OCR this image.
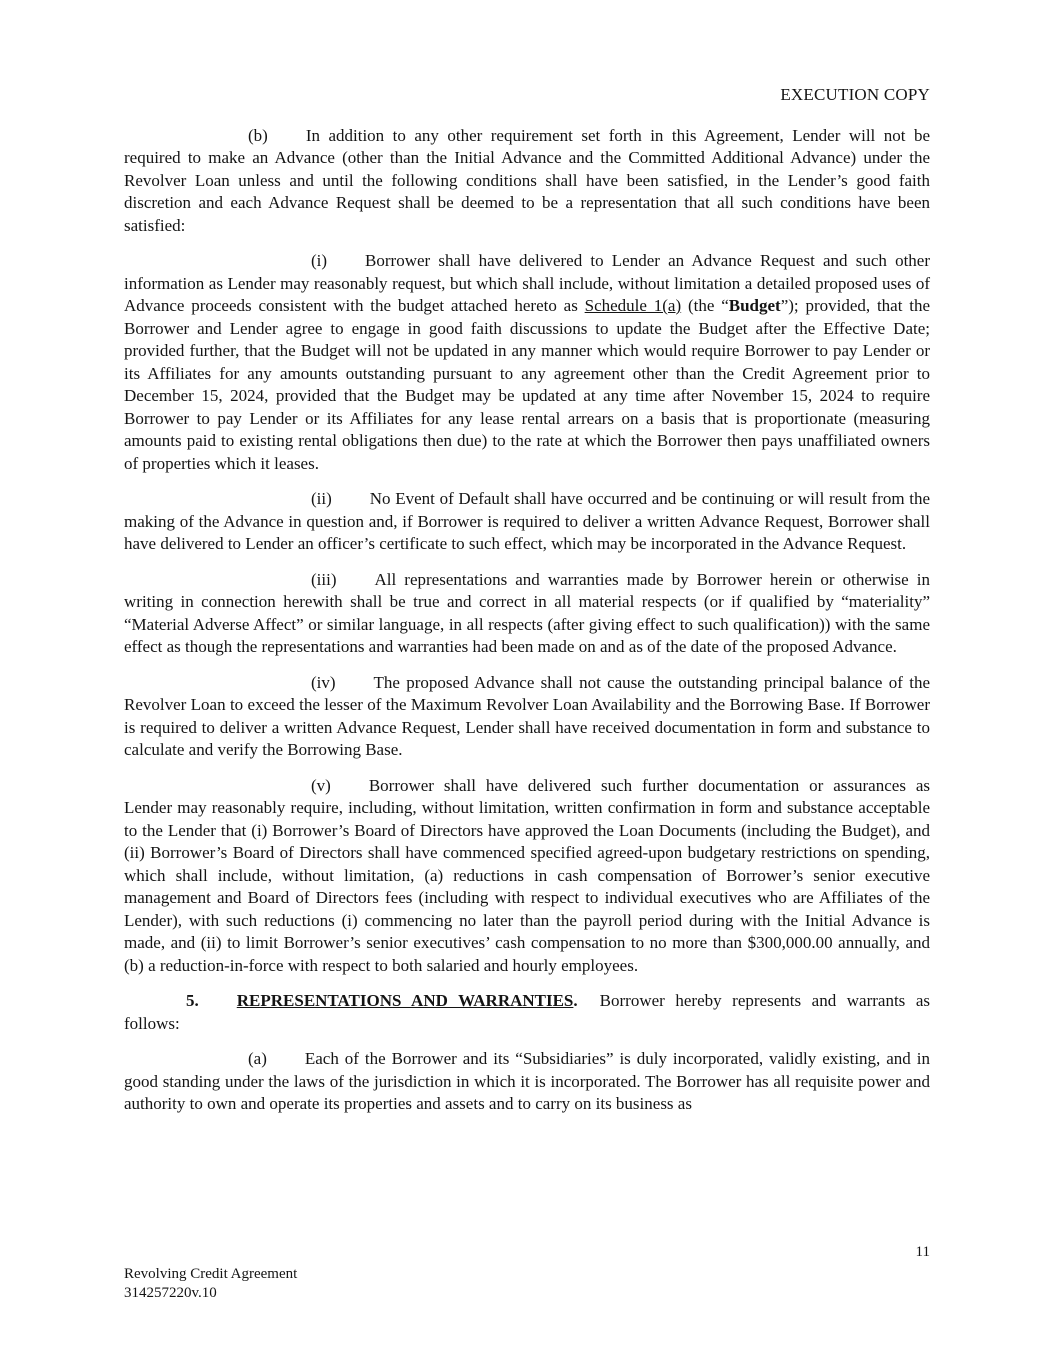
EXECUTION COPY

(b) In addition to any other requirement set forth in this Agreement, Lender will not be required to make an Advance (other than the Initial Advance and the Committed Additional Advance) under the Revolver Loan unless and until the following conditions shall have been satisfied, in the Lender’s good faith discretion and each Advance Request shall be deemed to be a representation that all such conditions have been satisfied:

(i) Borrower shall have delivered to Lender an Advance Request and such other information as Lender may reasonably request, but which shall include, without limitation a detailed proposed uses of Advance proceeds consistent with the budget attached hereto as Schedule 1(a) (the “Budget”); provided, that the Borrower and Lender agree to engage in good faith discussions to update the Budget after the Effective Date; provided further, that the Budget will not be updated in any manner which would require Borrower to pay Lender or its Affiliates for any amounts outstanding pursuant to any agreement other than the Credit Agreement prior to December 15, 2024, provided that the Budget may be updated at any time after November 15, 2024 to require Borrower to pay Lender or its Affiliates for any lease rental arrears on a basis that is proportionate (measuring amounts paid to existing rental obligations then due) to the rate at which the Borrower then pays unaffiliated owners of properties which it leases.

(ii) No Event of Default shall have occurred and be continuing or will result from the making of the Advance in question and, if Borrower is required to deliver a written Advance Request, Borrower shall have delivered to Lender an officer’s certificate to such effect, which may be incorporated in the Advance Request.

(iii) All representations and warranties made by Borrower herein or otherwise in writing in connection herewith shall be true and correct in all material respects (or if qualified by “materiality” “Material Adverse Affect” or similar language, in all respects (after giving effect to such qualification)) with the same effect as though the representations and warranties had been made on and as of the date of the proposed Advance.

(iv) The proposed Advance shall not cause the outstanding principal balance of the Revolver Loan to exceed the lesser of the Maximum Revolver Loan Availability and the Borrowing Base. If Borrower is required to deliver a written Advance Request, Lender shall have received documentation in form and substance to calculate and verify the Borrowing Base.

(v) Borrower shall have delivered such further documentation or assurances as Lender may reasonably require, including, without limitation, written confirmation in form and substance acceptable to the Lender that (i) Borrower’s Board of Directors have approved the Loan Documents (including the Budget), and (ii) Borrower’s Board of Directors shall have commenced specified agreed-upon budgetary restrictions on spending, which shall include, without limitation, (a) reductions in cash compensation of Borrower’s senior executive management and Board of Directors fees (including with respect to individual executives who are Affiliates of the Lender), with such reductions (i) commencing no later than the payroll period during with the Initial Advance is made, and (ii) to limit Borrower’s senior executives’ cash compensation to no more than $300,000.00 annually, and (b) a reduction-in-force with respect to both salaried and hourly employees.

5. REPRESENTATIONS AND WARRANTIES. Borrower hereby represents and warrants as follows:

(a) Each of the Borrower and its “Subsidiaries” is duly incorporated, validly existing, and in good standing under the laws of the jurisdiction in which it is incorporated. The Borrower has all requisite power and authority to own and operate its properties and assets and to carry on its business as

11
Revolving Credit Agreement
314257220v.10
